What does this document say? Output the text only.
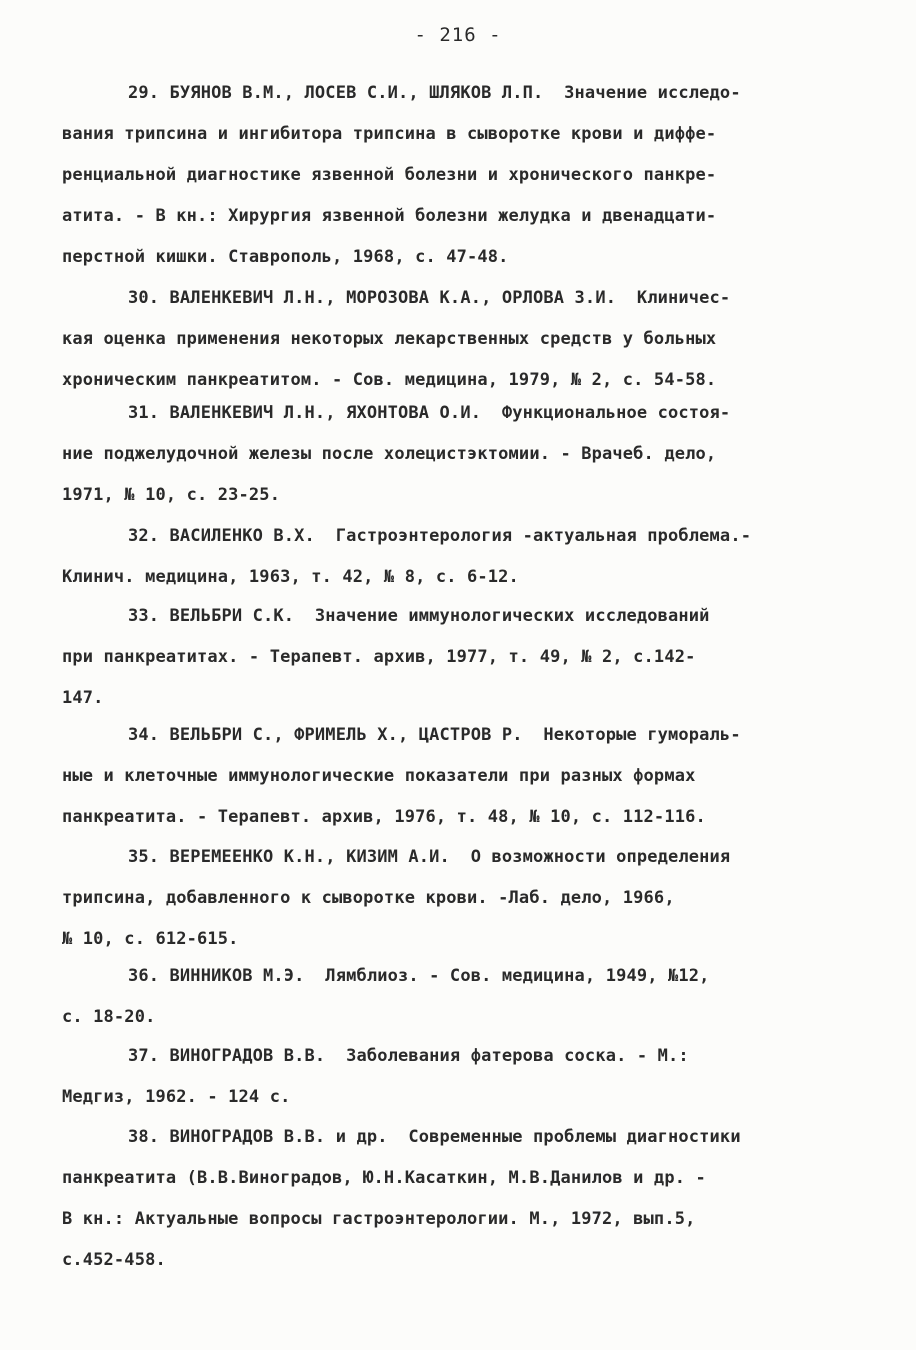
- 216 -
29. БУЯНОВ В.М., ЛОСЕВ С.И., ШЛЯКОВ Л.П.  Значение исследо-
вания трипсина и ингибитора трипсина в сыворотке крови и диффе-
ренциальной диагностике язвенной болезни и хронического панкре-
атита. - В кн.: Хирургия язвенной болезни желудка и двенадцати-
перстной кишки. Ставрополь, 1968, с. 47-48.
30. ВАЛЕНКЕВИЧ Л.Н., МОРОЗОВА К.А., ОРЛОВА З.И.  Клиничес-
кая оценка применения некоторых лекарственных средств у больных
хроническим панкреатитом. - Сов. медицина, 1979, № 2, с. 54-58.
31. ВАЛЕНКЕВИЧ Л.Н., ЯХОНТОВА О.И.  Функциональное состоя-
ние поджелудочной железы после холецистэктомии. - Врачеб. дело,
1971, № 10, с. 23-25.
32. ВАСИЛЕНКО В.Х.  Гастроэнтерология -актуальная проблема.-
Клинич. медицина, 1963, т. 42, № 8, с. 6-12.
33. ВЕЛЬБРИ С.К.  Значение иммунологических исследований
при панкреатитах. - Терапевт. архив, 1977, т. 49, № 2, с.142-
147.
34. ВЕЛЬБРИ С., ФРИМЕЛЬ Х., ЦАСТРОВ Р.  Некоторые гумораль-
ные и клеточные иммунологические показатели при разных формах
панкреатита. - Терапевт. архив, 1976, т. 48, № 10, с. 112-116.
35. ВЕРЕМЕЕНКО К.Н., КИЗИМ А.И.  О возможности определения
трипсина, добавленного к сыворотке крови. -Лаб. дело, 1966,
№ 10, с. 612-615.
36. ВИННИКОВ М.Э.  Лямблиоз. - Сов. медицина, 1949, №12,
с. 18-20.
37. ВИНОГРАДОВ В.В.  Заболевания фатерова соска. - М.:
Медгиз, 1962. - 124 с.
38. ВИНОГРАДОВ В.В. и др.  Современные проблемы диагностики
панкреатита (В.В.Виноградов, Ю.Н.Касаткин, М.В.Данилов и др. -
В кн.: Актуальные вопросы гастроэнтерологии. М., 1972, вып.5,
с.452-458.
